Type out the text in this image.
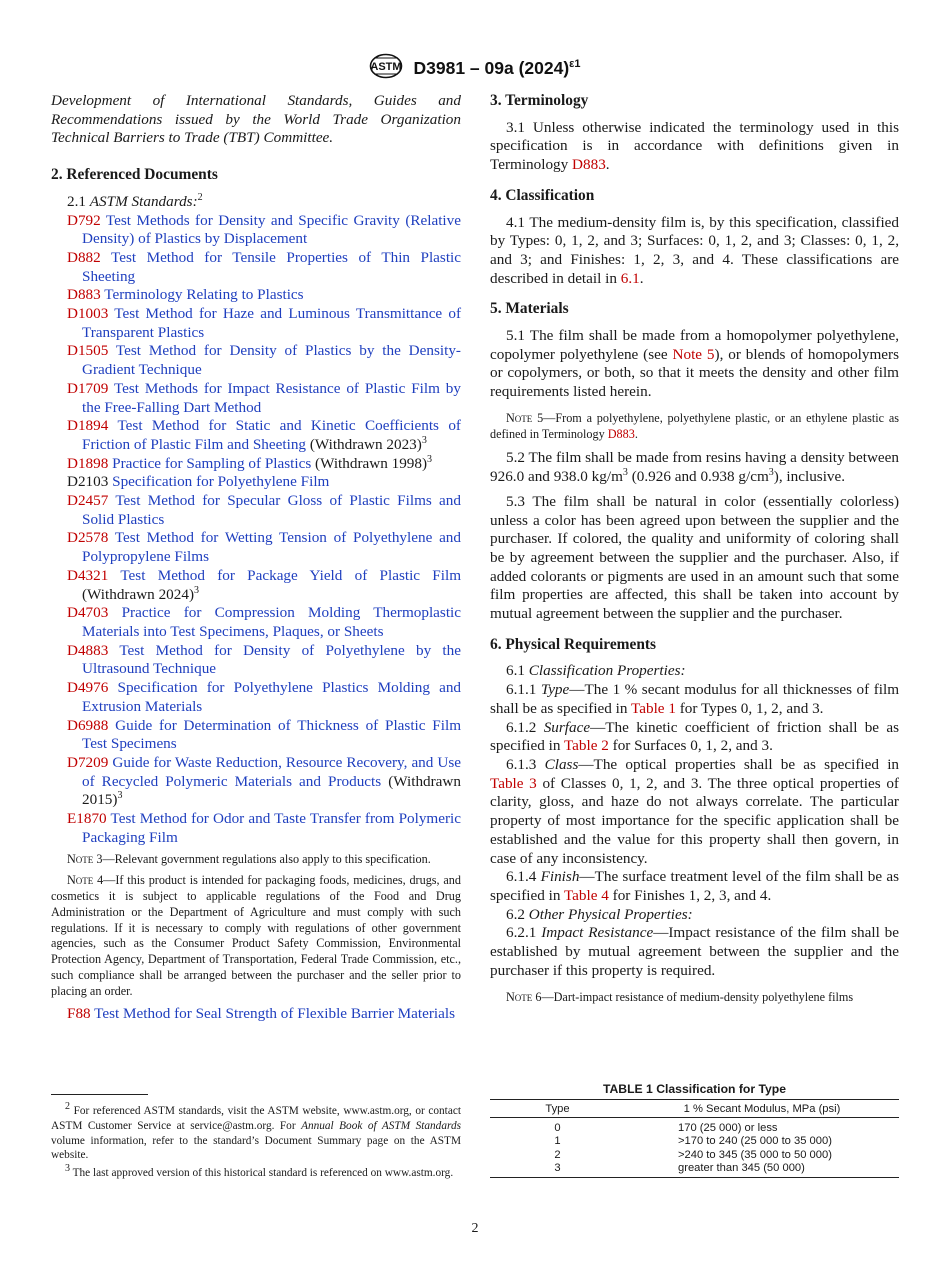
ASTM D3981 – 09a $(2024)^{\varepsilon 1}$

Development of International Standards, Guides and Recommendations issued by the World Trade Organization Technical Barriers to Trade (TBT) Committee.

2. Referenced Documents

2.1 ASTM Standards:$^2$

D792 Test Methods for Density and Specific Gravity (Relative Density) of Plastics by Displacement

D882 Test Method for Tensile Properties of Thin Plastic Sheeting

D883 Terminology Relating to Plastics

D1003 Test Method for Haze and Luminous Transmittance of Transparent Plastics

D1505 Test Method for Density of Plastics by the Density-Gradient Technique

D1709 Test Methods for Impact Resistance of Plastic Film by the Free-Falling Dart Method

D1894 Test Method for Static and Kinetic Coefficients of Friction of Plastic Film and Sheeting (Withdrawn 2023)$^3$

D1898 Practice for Sampling of Plastics (Withdrawn 1998)$^3$

D2103 Specification for Polyethylene Film

D2457 Test Method for Specular Gloss of Plastic Films and Solid Plastics

D2578 Test Method for Wetting Tension of Polyethylene and Polypropylene Films

D4321 Test Method for Package Yield of Plastic Film (Withdrawn 2024)$^3$

D4703 Practice for Compression Molding Thermoplastic Materials into Test Specimens, Plaques, or Sheets

D4883 Test Method for Density of Polyethylene by the Ultrasound Technique

D4976 Specification for Polyethylene Plastics Molding and Extrusion Materials

D6988 Guide for Determination of Thickness of Plastic Film Test Specimens

D7209 Guide for Waste Reduction, Resource Recovery, and Use of Recycled Polymeric Materials and Products (Withdrawn 2015)$^3$

E1870 Test Method for Odor and Taste Transfer from Polymeric Packaging Film

Note 3—Relevant government regulations also apply to this specification.

Note 4—If this product is intended for packaging foods, medicines, drugs, and cosmetics it is subject to applicable regulations of the Food and Drug Administration or the Department of Agriculture and must comply with such regulations. If it is necessary to comply with regulations of other government agencies, such as the Consumer Product Safety Commission, Environmental Protection Agency, Department of Transportation, Federal Trade Commission, etc., such compliance shall be arranged between the purchaser and the seller prior to placing an order.

F88 Test Method for Seal Strength of Flexible Barrier Materials

$^2$ For referenced ASTM standards, visit the ASTM website, www.astm.org, or contact ASTM Customer Service at service@astm.org. For Annual Book of ASTM Standards volume information, refer to the standard’s Document Summary page on the ASTM website.

$^3$ The last approved version of this historical standard is referenced on www.astm.org.

3. Terminology

3.1 Unless otherwise indicated the terminology used in this specification is in accordance with definitions given in Terminology D883.

4. Classification

4.1 The medium-density film is, by this specification, classified by Types: 0, 1, 2, and 3; Surfaces: 0, 1, 2, and 3; Classes: 0, 1, 2, and 3; and Finishes: 1, 2, 3, and 4. These classifications are described in detail in 6.1.

5. Materials

5.1 The film shall be made from a homopolymer polyethylene, copolymer polyethylene (see Note 5), or blends of homopolymers or copolymers, or both, so that it meets the density and other film requirements listed herein.

Note 5—From a polyethylene, polyethylene plastic, or an ethylene plastic as defined in Terminology D883.

5.2 The film shall be made from resins having a density between 926.0 and 938.0 $kg/m^3$ (0.926 and 0.938 $g/cm^3$), inclusive.

5.3 The film shall be natural in color (essentially colorless) unless a color has been agreed upon between the supplier and the purchaser. If colored, the quality and uniformity of coloring shall be by agreement between the supplier and the purchaser. Also, if added colorants or pigments are used in an amount such that some film properties are affected, this shall be taken into account by mutual agreement between the supplier and the purchaser.

6. Physical Requirements

6.1 Classification Properties:

6.1.1 Type—The 1 % secant modulus for all thicknesses of film shall be as specified in Table 1 for Types 0, 1, 2, and 3.

6.1.2 Surface—The kinetic coefficient of friction shall be as specified in Table 2 for Surfaces 0, 1, 2, and 3.

6.1.3 Class—The optical properties shall be as specified in Table 3 of Classes 0, 1, 2, and 3. The three optical properties of clarity, gloss, and haze do not always correlate. The particular property of most importance for the specific application shall be established and the value for this property shall then govern, in case of any inconsistency.

6.1.4 Finish—The surface treatment level of the film shall be as specified in Table 4 for Finishes 1, 2, 3, and 4.

6.2 Other Physical Properties:

6.2.1 Impact Resistance—Impact resistance of the film shall be established by mutual agreement between the supplier and the purchaser if this property is required.

Note 6—Dart-impact resistance of medium-density polyethylene films

TABLE 1 Classification for Type
Type	1 % Secant Modulus, MPa (psi)
0	170 (25 000) or less
1	>170 to 240 (25 000 to 35 000)
2	>240 to 345 (35 000 to 50 000)
3	greater than 345 (50 000)
2
